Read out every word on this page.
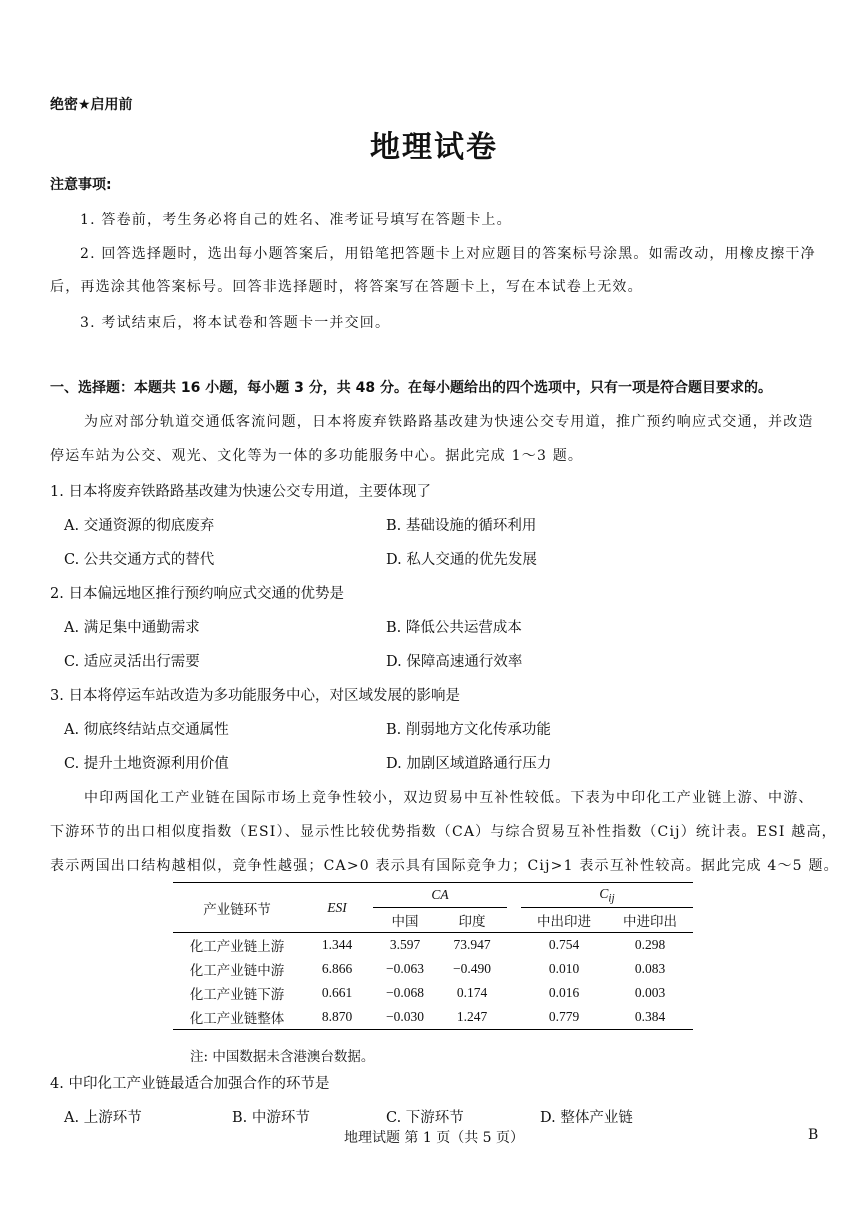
绝密★启用前
地理试卷
注意事项:
1. 答卷前，考生务必将自己的姓名、准考证号填写在答题卡上。
2. 回答选择题时，选出每小题答案后，用铅笔把答题卡上对应题目的答案标号涂黑。如需改动，用橡皮擦干净
后，再选涂其他答案标号。回答非选择题时，将答案写在答题卡上，写在本试卷上无效。
3. 考试结束后，将本试卷和答题卡一并交回。
一、选择题：本题共 16 小题，每小题 3 分，共 48 分。在每小题给出的四个选项中，只有一项是符合题目要求的。
为应对部分轨道交通低客流问题，日本将废弃铁路路基改建为快速公交专用道，推广预约响应式交通，并改造
停运车站为公交、观光、文化等为一体的多功能服务中心。据此完成 1～3 题。
1. 日本将废弃铁路路基改建为快速公交专用道，主要体现了
A. 交通资源的彻底废弃	B. 基础设施的循环利用
C. 公共交通方式的替代	D. 私人交通的优先发展
2. 日本偏远地区推行预约响应式交通的优势是
A. 满足集中通勤需求	B. 降低公共运营成本
C. 适应灵活出行需要	D. 保障高速通行效率
3. 日本将停运车站改造为多功能服务中心，对区域发展的影响是
A. 彻底终结站点交通属性	B. 削弱地方文化传承功能
C. 提升土地资源利用价值	D. 加剧区域道路通行压力
中印两国化工产业链在国际市场上竞争性较小，双边贸易中互补性较低。下表为中印化工产业链上游、中游、
下游环节的出口相似度指数（ESI）、显示性比较优势指数（CA）与综合贸易互补性指数（Cij）统计表。ESI 越高，
表示两国出口结构越相似，竞争性越强；CA>0 表示具有国际竞争力；Cij>1 表示互补性较高。据此完成 4～5 题。
产业链环节	ESI	CA			$C_{ij}$
		中国	印度		中出印进	中进印出
化工产业链上游	1.344	3.597	73.947		0.754	0.298
化工产业链中游	6.866	−0.063	−0.490		0.010	0.083
化工产业链下游	0.661	−0.068	0.174		0.016	0.003
化工产业链整体	8.870	−0.030	1.247		0.779	0.384
注: 中国数据未含港澳台数据。
4. 中印化工产业链最适合加强合作的环节是
A. 上游环节	B. 中游环节	C. 下游环节	D. 整体产业链
地理试题 第 1 页（共 5 页）	B
